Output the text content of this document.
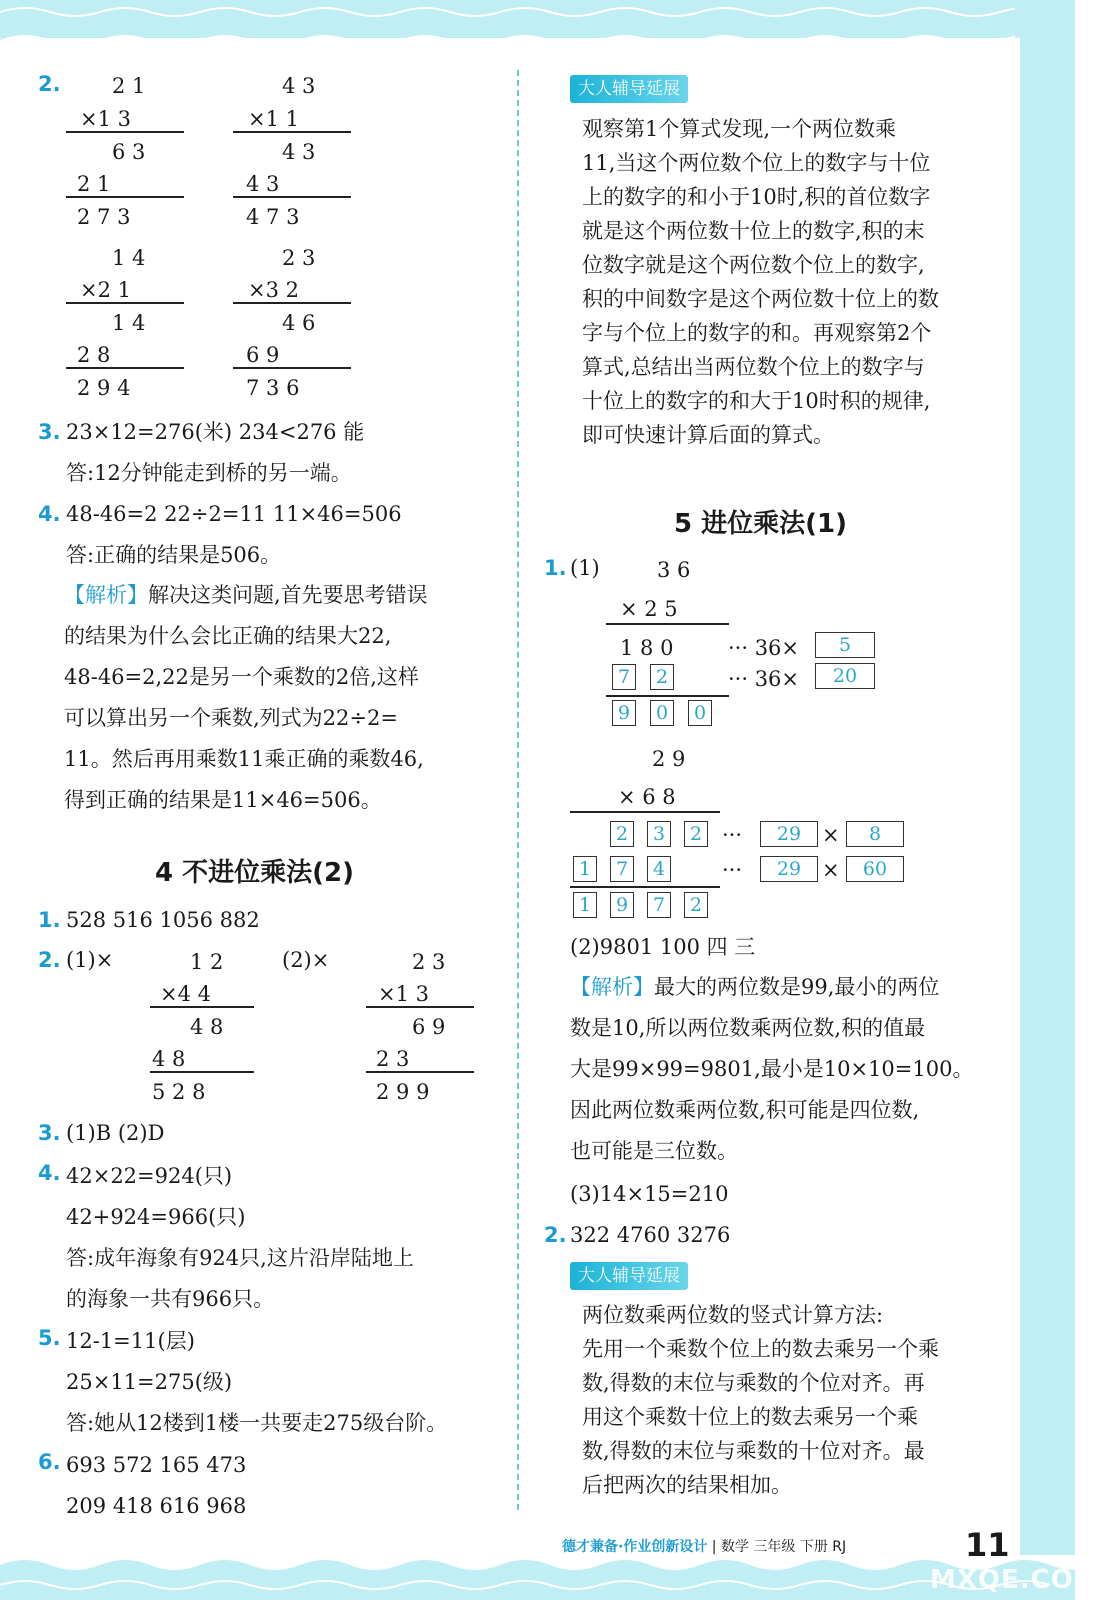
2. 2 1
×1 3
6 3
2 1
2 7 3
4 3
×1 1
4 3
4 3
4 7 3
1 4
×2 1
1 4
2 8
2 9 4
2 3
×3 2
4 6
6 9
7 3 6
3. 23×12=276(米) 234<276 能
答:12分钟能走到桥的另一端。
4. 48-46=2 22÷2=11 11×46=506
答:正确的结果是506。
【解析】解决这类问题,首先要思考错误
的结果为什么会比正确的结果大22,
48-46=2,22是另一个乘数的2倍,这样
可以算出另一个乘数,列式为22÷2=
11。然后再用乘数11乘正确的乘数46,
得到正确的结果是11×46=506。
4 不进位乘法(2)
1. 528 516 1056 882
2. (1)×	(2)×
1 2
×4 4
4 8
4 8
5 2 8
2 3
×1 3
6 9
2 3
2 9 9
3. (1)B (2)D
4. 42×22=924(只)
42+924=966(只)
答:成年海象有924只,这片沿岸陆地上
的海象一共有966只。
5. 12-1=11(层)
25×11=275(级)
答:她从12楼到1楼一共要走275级台阶。
6. 693 572 165 473
209 418 616 968
大人辅导延展
观察第1个算式发现,一个两位数乘
11,当这个两位数个位上的数字与十位
上的数字的和小于10时,积的首位数字
就是这个两位数十位上的数字,积的末
位数字就是这个两位数个位上的数字,
积的中间数字是这个两位数十位上的数
字与个位上的数字的和。再观察第2个
算式,总结出当两位数个位上的数字与
十位上的数字的和大于10时积的规律,
即可快速计算后面的算式。
5 进位乘法(1)
1. (1)	3 6
× 2 5
1 8 0	··· 36×	5
7	2	··· 36×	20
9	0	0
2 9
× 6 8
2	3	2 ···	29 ×	8
1	7	4	···	29 ×	60
1	9	7	2
(2)9801 100 四 三
【解析】最大的两位数是99,最小的两位
数是10,所以两位数乘两位数,积的值最
大是99×99=9801,最小是10×10=100。
因此两位数乘两位数,积可能是四位数,
也可能是三位数。
(3)14×15=210
2. 322 4760 3276
大人辅导延展
两位数乘两位数的竖式计算方法:
先用一个乘数个位上的数去乘另一个乘
数,得数的末位与乘数的个位对齐。再
用这个乘数十位上的数去乘另一个乘
数,得数的末位与乘数的十位对齐。最
后把两次的结果相加。
德才兼备·作业创新设计 | 数学 三年级 下册 RJ	11
MXQE.COM
